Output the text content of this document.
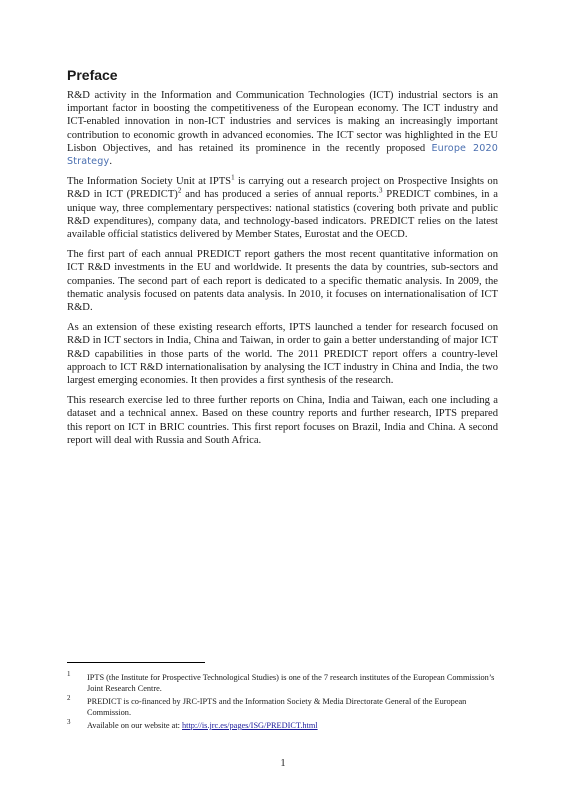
Preface

R&D activity in the Information and Communication Technologies (ICT) industrial sectors is an important factor in boosting the competitiveness of the European economy. The ICT industry and ICT-enabled innovation in non-ICT industries and services is making an increasingly important contribution to economic growth in advanced economies. The ICT sector was highlighted in the EU Lisbon Objectives, and has retained its prominence in the recently proposed Europe 2020 Strategy.

The Information Society Unit at IPTS$^1$ is carrying out a research project on Prospective Insights on R&D in ICT (PREDICT)$^2$ and has produced a series of annual reports.$^3$ PREDICT combines, in a unique way, three complementary perspectives: national statistics (covering both private and public R&D expenditures), company data, and technology-based indicators. PREDICT relies on the latest available official statistics delivered by Member States, Eurostat and the OECD.

The first part of each annual PREDICT report gathers the most recent quantitative information on ICT R&D investments in the EU and worldwide. It presents the data by countries, sub-sectors and companies. The second part of each report is dedicated to a specific thematic analysis. In 2009, the thematic analysis focused on patents data analysis. In 2010, it focuses on internationalisation of ICT R&D.

As an extension of these existing research efforts, IPTS launched a tender for research focused on R&D in ICT sectors in India, China and Taiwan, in order to gain a better understanding of major ICT R&D capabilities in those parts of the world. The 2011 PREDICT report offers a country-level approach to ICT R&D internationalisation by analysing the ICT industry in China and India, the two largest emerging economies. It then provides a first synthesis of the research.

This research exercise led to three further reports on China, India and Taiwan, each one including a dataset and a technical annex. Based on these country reports and further research, IPTS prepared this report on ICT in BRIC countries. This first report focuses on Brazil, India and China. A second report will deal with Russia and South Africa.

1 IPTS (the Institute for Prospective Technological Studies) is one of the 7 research institutes of the European Commission’s Joint Research Centre.
2 PREDICT is co-financed by JRC-IPTS and the Information Society & Media Directorate General of the European Commission.
3 Available on our website at: http://is.jrc.es/pages/ISG/PREDICT.html
1
